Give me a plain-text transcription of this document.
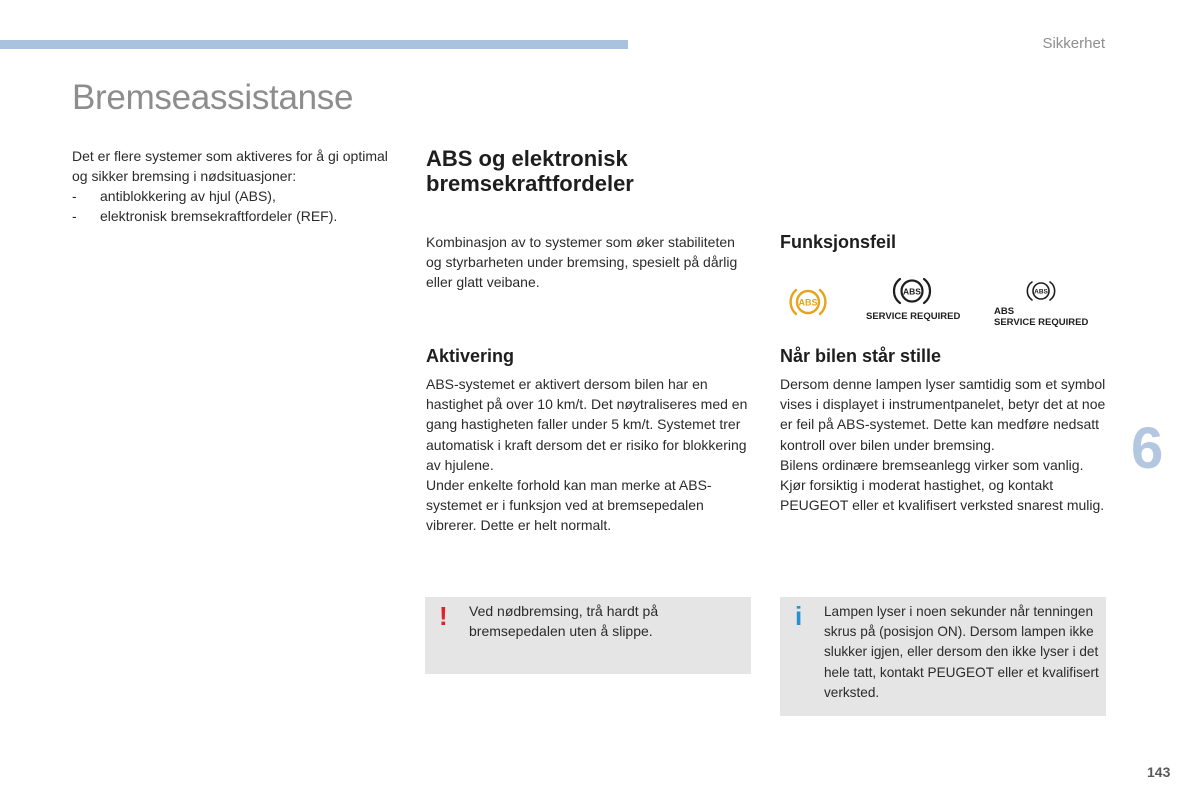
Sikkerhet
Bremseassistanse

Det er flere systemer som aktiveres for å gi optimal og sikker bremsing i nødsituasjoner:

- antiblokkering av hjul (ABS),
- elektronisk bremsekraftfordeler (REF).
ABS og elektronisk
bremsekraftfordeler

Kombinasjon av to systemer som øker stabiliteten og styrbarheten under bremsing, spesielt på dårlig eller glatt veibane.

Funksjonsfeil
ABS
ABS
SERVICE REQUIRED
ABS
ABS
SERVICE REQUIRED
Aktivering

ABS-systemet er aktivert dersom bilen har en hastighet på over 10 km/t. Det nøytraliseres med en gang hastigheten faller under 5 km/t. Systemet trer automatisk i kraft dersom det er risiko for blokkering av hjulene.

Under enkelte forhold kan man merke at ABS-systemet er i funksjon ved at bremsepedalen vibrerer. Dette er helt normalt.

Når bilen står stille

Dersom denne lampen lyser samtidig som et symbol vises i displayet i instrumentpanelet, betyr det at noe er feil på ABS-systemet. Dette kan medføre nedsatt kontroll over bilen under bremsing.

Bilens ordinære bremseanlegg virker som vanlig. Kjør forsiktig i moderat hastighet, og kontakt PEUGEOT eller et kvalifisert verksted snarest mulig.

! Ved nødbremsing, trå hardt på bremsepedalen uten å slippe.

i Lampen lyser i noen sekunder når tenningen skrus på (posisjon ON). Dersom lampen ikke slukker igjen, eller dersom den ikke lyser i det hele tatt, kontakt PEUGEOT eller et kvalifisert verksted.

6
143
